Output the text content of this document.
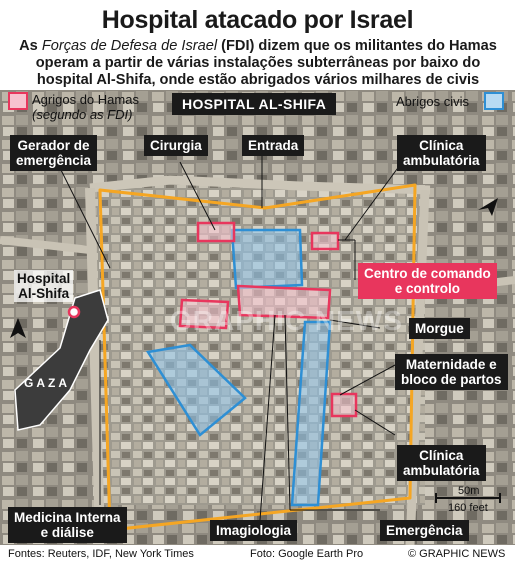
Hospital atacado por Israel
As Forças de Defesa de Israel (FDI) dizem que os militantes do Hamas operam a partir de várias instalações subterrâneas por baixo do hospital Al-Shifa, onde estão abrigados vários milhares de civis
Agrigos do Hamas
(segundo as FDI)
HOSPITAL AL-SHIFA	Abrigos civis
Gerador de
emergência
Cirurgia	Entrada	Clínica
ambulatória
Centro de comando
e controlo
Morgue
Maternidade e
bloco de partos
Clínica
ambulatória
Medicina Interna
e diálise	Imagiologia	Emergência
Hospital
Al-Shifa
GAZA
GRAPHIC NEWS
50m
160 feet
Fontes: Reuters, IDF, New York Times	Foto: Google Earth Pro	© GRAPHIC NEWS
